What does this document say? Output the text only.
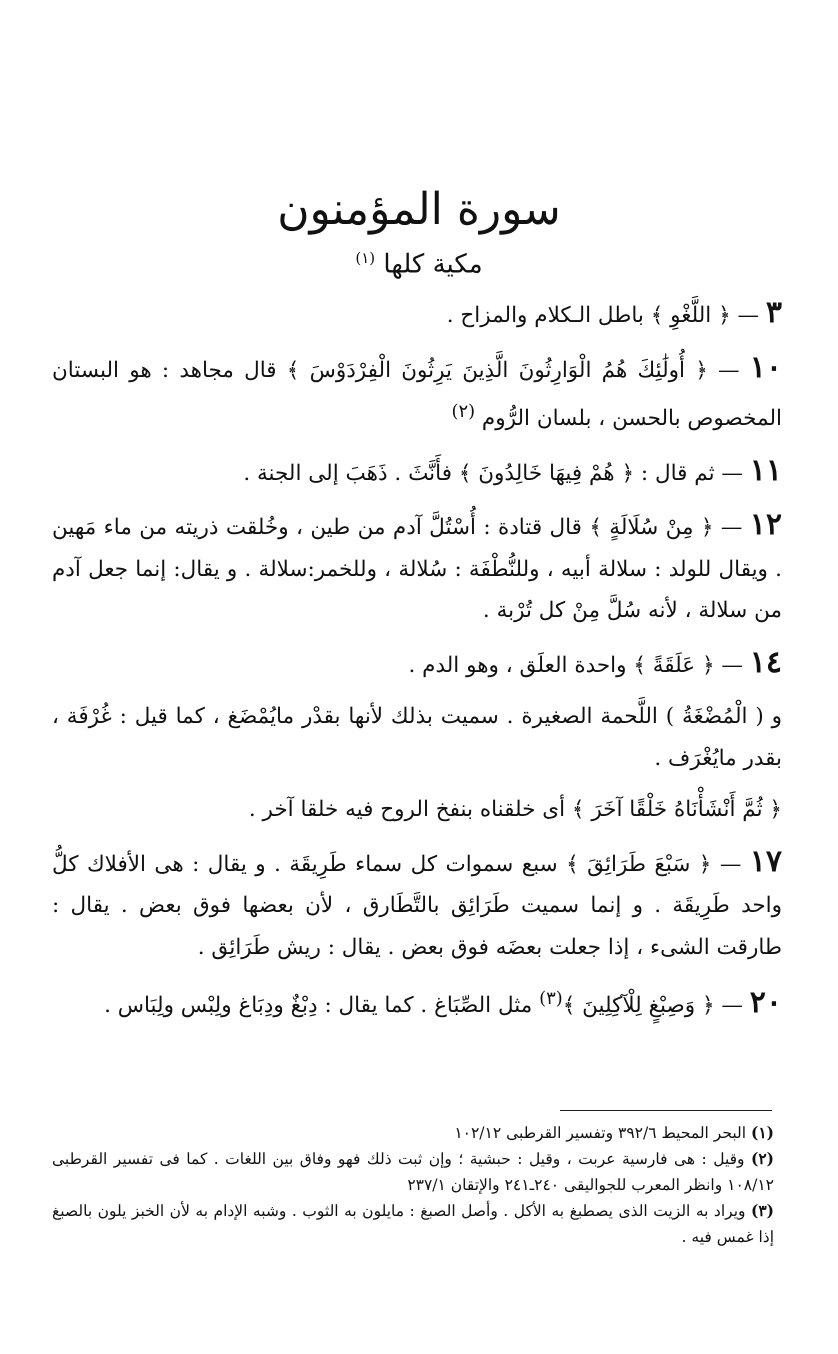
سورة المؤمنون
مكية كلها $^{(١)}$

٣ — ﴿ اللَّغْوِ ﴾ باطل الـكلام والمزاح .

١٠ — ﴿ أُولَٰئِكَ هُمُ الْوَارِثُونَ الَّذِينَ يَرِثُونَ الْفِرْدَوْسَ ﴾ قال مجاهد : هو البستان المخصوص بالحسن ، بلسان الرُّوم $^{(٢)}$

١١ — ثم قال : ﴿ هُمْ فِيهَا خَالِدُونَ ﴾ فأَنَّثَ . ذَهَبَ إلى الجنة .

١٢ — ﴿ مِنْ سُلَالَةٍ ﴾ قال قتادة : أُسْتُلَّ آدم من طين ، وخُلقت ذريته من ماء مَهين . ويقال للولد : سلالة أبيه ، وللنُّطْفَة : سُلالة ، وللخمر:سلالة . و يقال: إنما جعل آدم من سلالة ، لأنه سُلَّ مِنْ كل تُرْبة .

١٤ — ﴿ عَلَقَةً ﴾ واحدة العلَق ، وهو الدم .

و ( الْمُضْغَةُ ) اللَّحمة الصغيرة . سميت بذلك لأنها بقدْر مايُمْضَغ ، كما قيل : غُرْفَة ، بقدر مايُغْرَف .

﴿ ثُمَّ أَنْشَأْنَاهُ خَلْقًا آخَرَ ﴾ أى خلقناه بنفخ الروح فيه خلقا آخر .

١٧ — ﴿ سَبْعَ طَرَائِقَ ﴾ سبع سموات كل سماء طَرِيقَة . و يقال : هى الأفلاك كلُّ واحد طَرِيقَة . و إنما سميت طَرَائِق بالتَّطَارق ، لأن بعضها فوق بعض . يقال : طارقت الشىء ، إذا جعلت بعضَه فوق بعض . يقال : ريش طَرَائِق .

٢٠ — ﴿ وَصِبْغٍ لِلْآكِلِينَ ﴾$^{(٣)}$ مثل الصِّبَاغ . كما يقال : دِبْغٌ ودِبَاغ ولِبْس ولِبَاس .

(١) البحر المحيط ٣٩٢/٦ وتفسير القرطبى ١٠٢/١٢

(٢) وقيل : هى فارسية عربت ، وقيل : حبشية ؛ وإن ثبت ذلك فهو وفاق بين اللغات . كما فى تفسير القرطبى ١٠٨/١٢ وانظر المعرب للجواليقى ٢٤٠ـ٢٤١ والإتقان ٢٣٧/١

(٣) ويراد به الزيت الذى يصطبغ به الأكل . وأصل الصبغ : مايلون به الثوب . وشبه الإدام به لأن الخبز يلون بالصبغ إذا غمس فيه .
